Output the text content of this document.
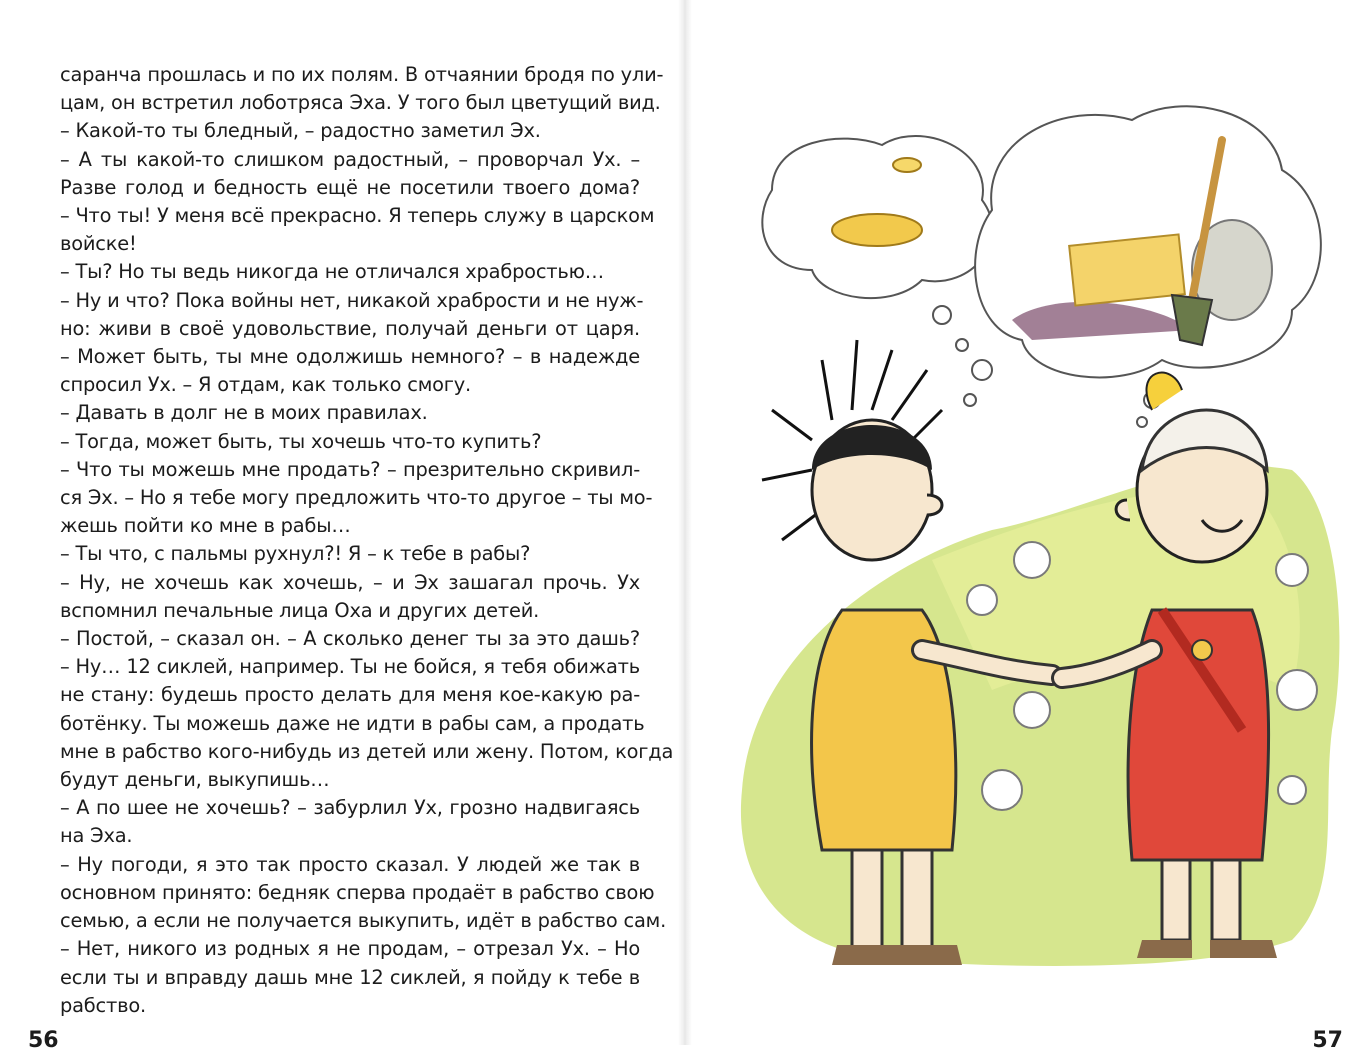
саранча прошлась и по их полям. В отчаянии бродя по ули-
цам, он встретил лоботряса Эха. У того был цветущий вид.
– Какой-то ты бледный, – радостно заметил Эх.
– А ты какой-то слишком радостный, – проворчал Ух. –
Разве голод и бедность ещё не посетили твоего дома?
– Что ты! У меня всё прекрасно. Я теперь служу в царском
войске!
– Ты? Но ты ведь никогда не отличался храбростью…
– Ну и что? Пока войны нет, никакой храбрости и не нуж-
но: живи в своё удовольствие, получай деньги от царя.
– Может быть, ты мне одолжишь немного? – в надежде
спросил Ух. – Я отдам, как только смогу.
– Давать в долг не в моих правилах.
– Тогда, может быть, ты хочешь что-то купить?
– Что ты можешь мне продать? – презрительно скривил-
ся Эх. – Но я тебе могу предложить что-то другое – ты мо-
жешь пойти ко мне в рабы…
– Ты что, с пальмы рухнул?! Я – к тебе в рабы?
– Ну, не хочешь как хочешь, – и Эх зашагал прочь. Ух
вспомнил печальные лица Оха и других детей.
– Постой, – сказал он. – А сколько денег ты за это дашь?
– Ну… 12 сиклей, например. Ты не бойся, я тебя обижать
не стану: будешь просто делать для меня кое-какую ра-
ботёнку. Ты можешь даже не идти в рабы сам, а продать
мне в рабство кого-нибудь из детей или жену. Потом, когда
будут деньги, выкупишь…
– А по шее не хочешь? – забурлил Ух, грозно надвигаясь
на Эха.
– Ну погоди, я это так просто сказал. У людей же так в
основном принято: бедняк сперва продаёт в рабство свою
семью, а если не получается выкупить, идёт в рабство сам.
– Нет, никого из родных я не продам, – отрезал Ух. – Но
если ты и вправду дашь мне 12 сиклей, я пойду к тебе в
рабство.
56	57
